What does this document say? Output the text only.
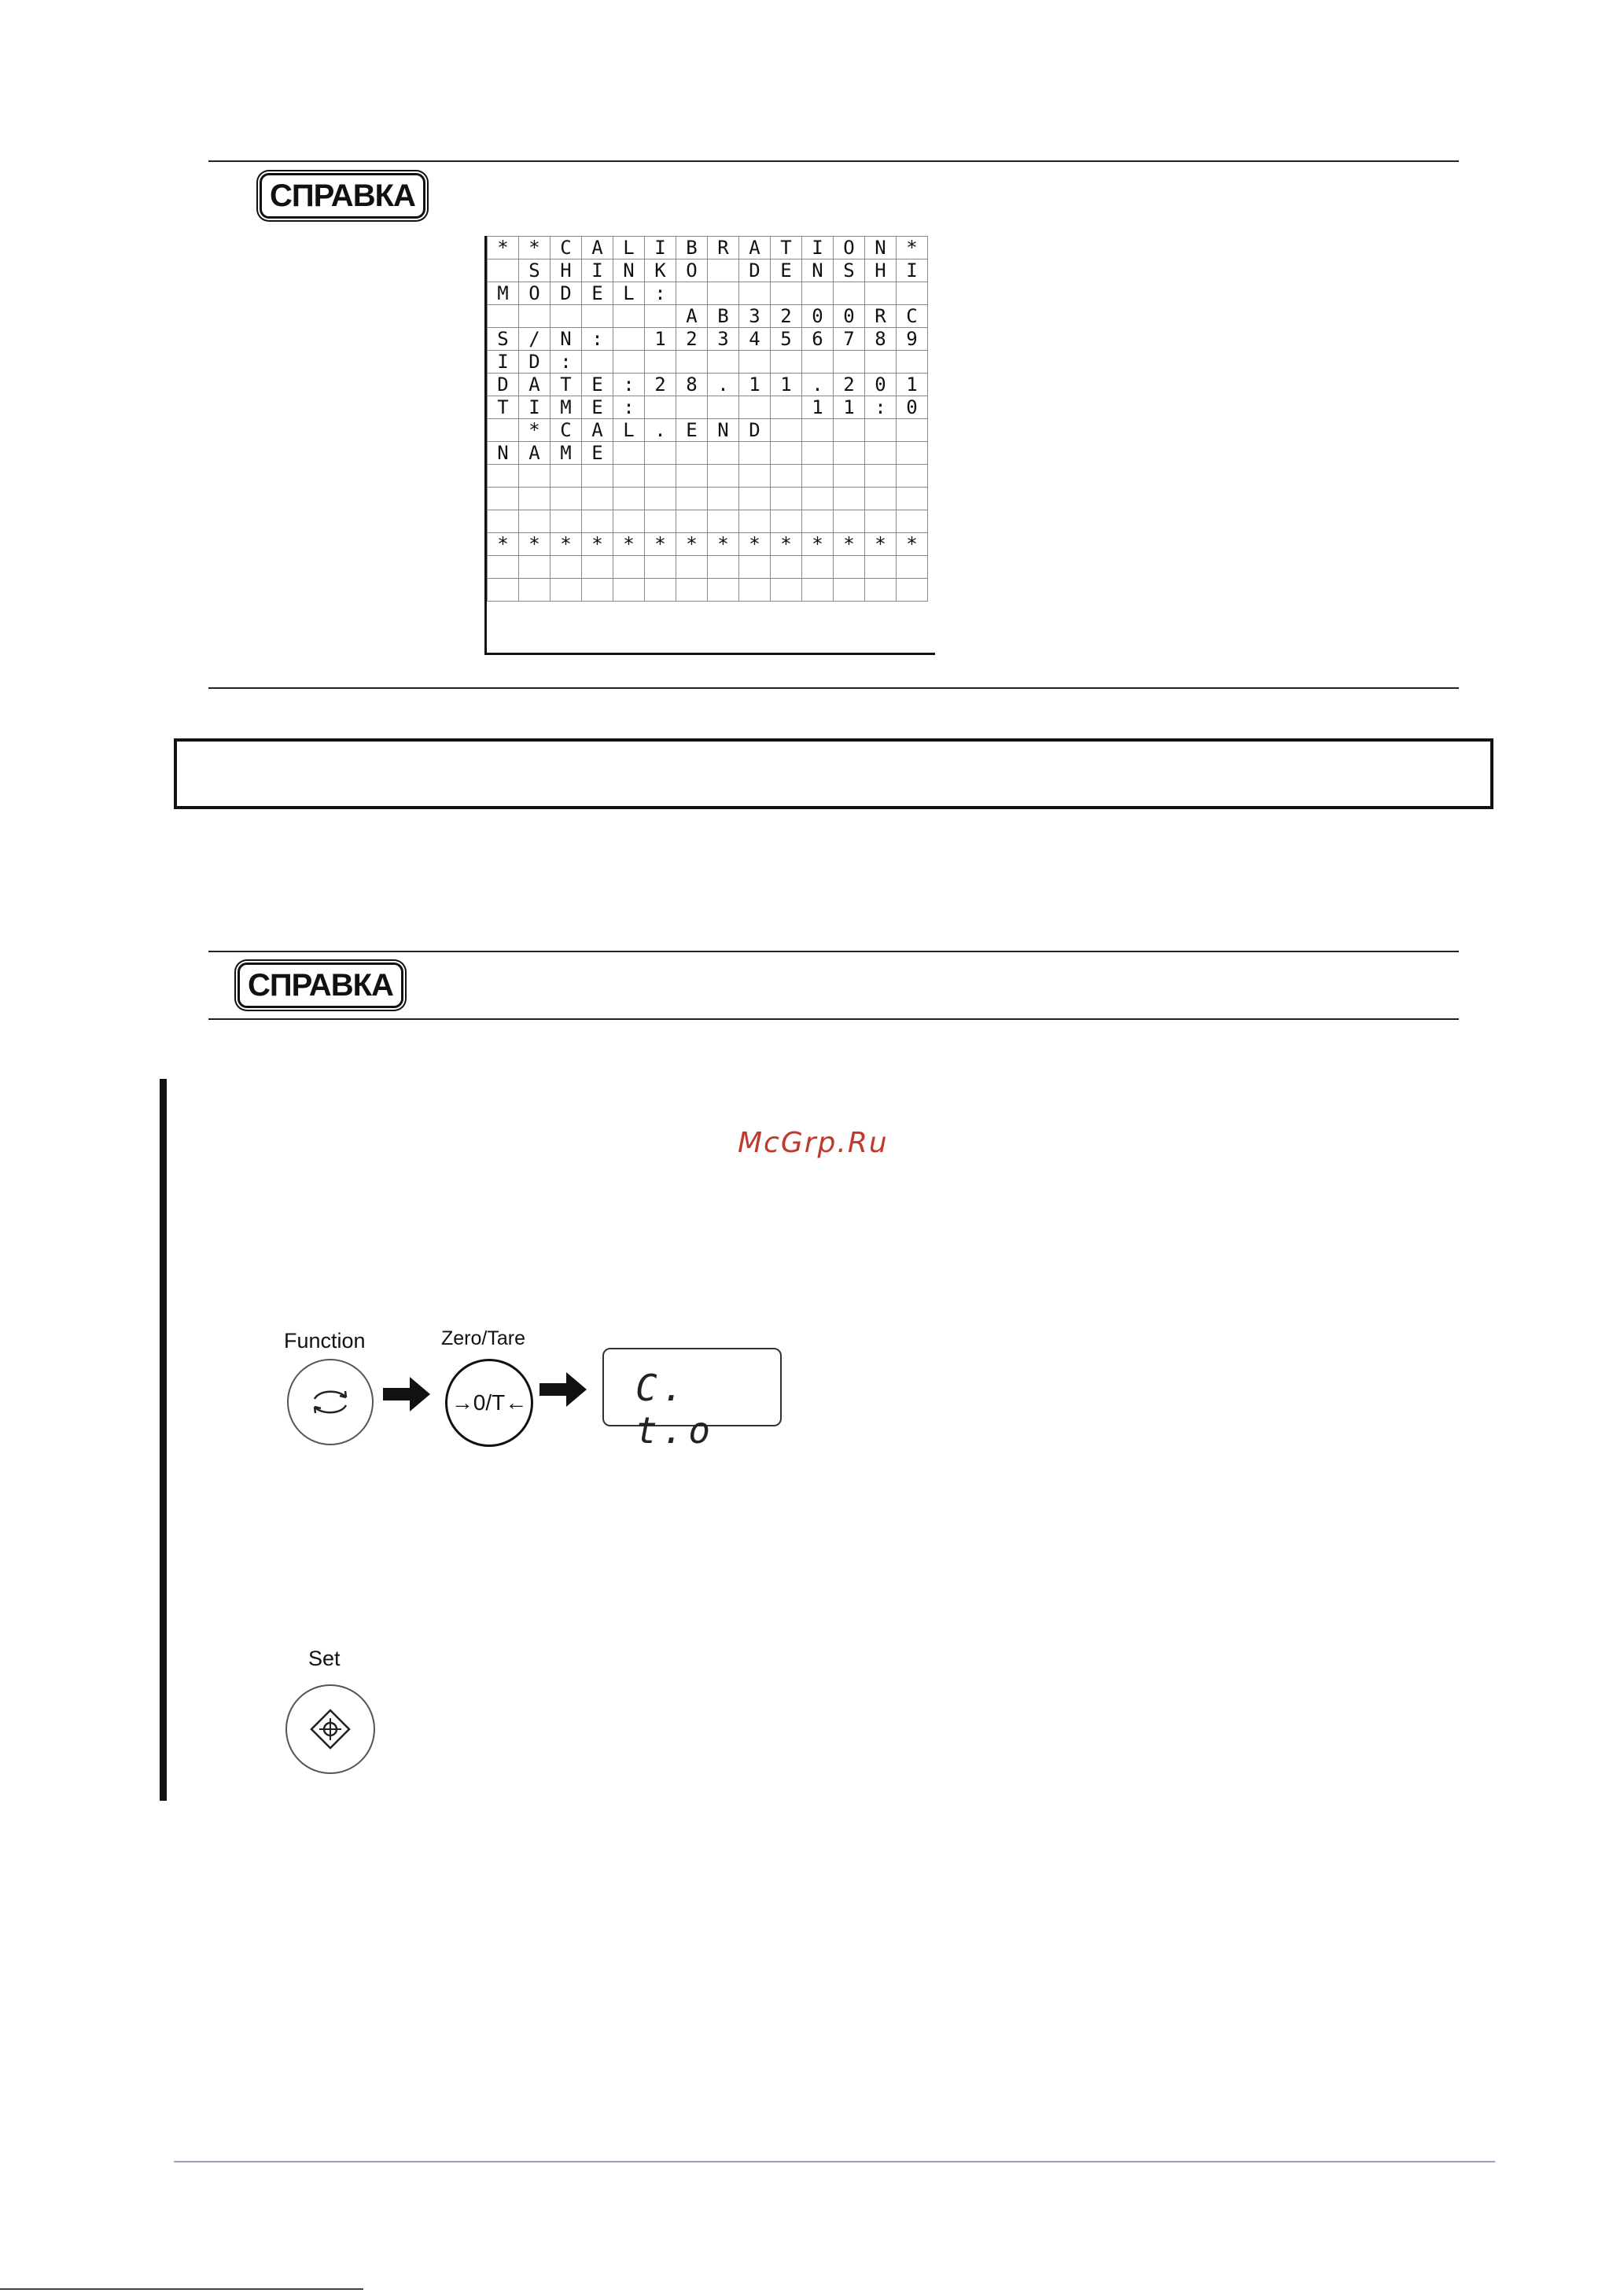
СПРАВКА
*	*	C	A	L	I	B	R	A	T	I	O	N	*
	S	H	I	N	K	O		D	E	N	S	H	I
M	O	D	E	L	:								
						A	B	3	2	0	0	R	C
S	/	N	:		1	2	3	4	5	6	7	8	9
I	D	:											
D	A	T	E	:	2	8	.	1	1	.	2	0	1
T	I	M	E	:						1	1	:	0
	*	C	A	L	.	E	N	D					
N	A	M	E										

*	*	*	*	*	*	*	*	*	*	*	*	*	*

СПРАВКА
McGrp.Ru
Function	Zero/Tare
→0/T←	C. t.o
Set
